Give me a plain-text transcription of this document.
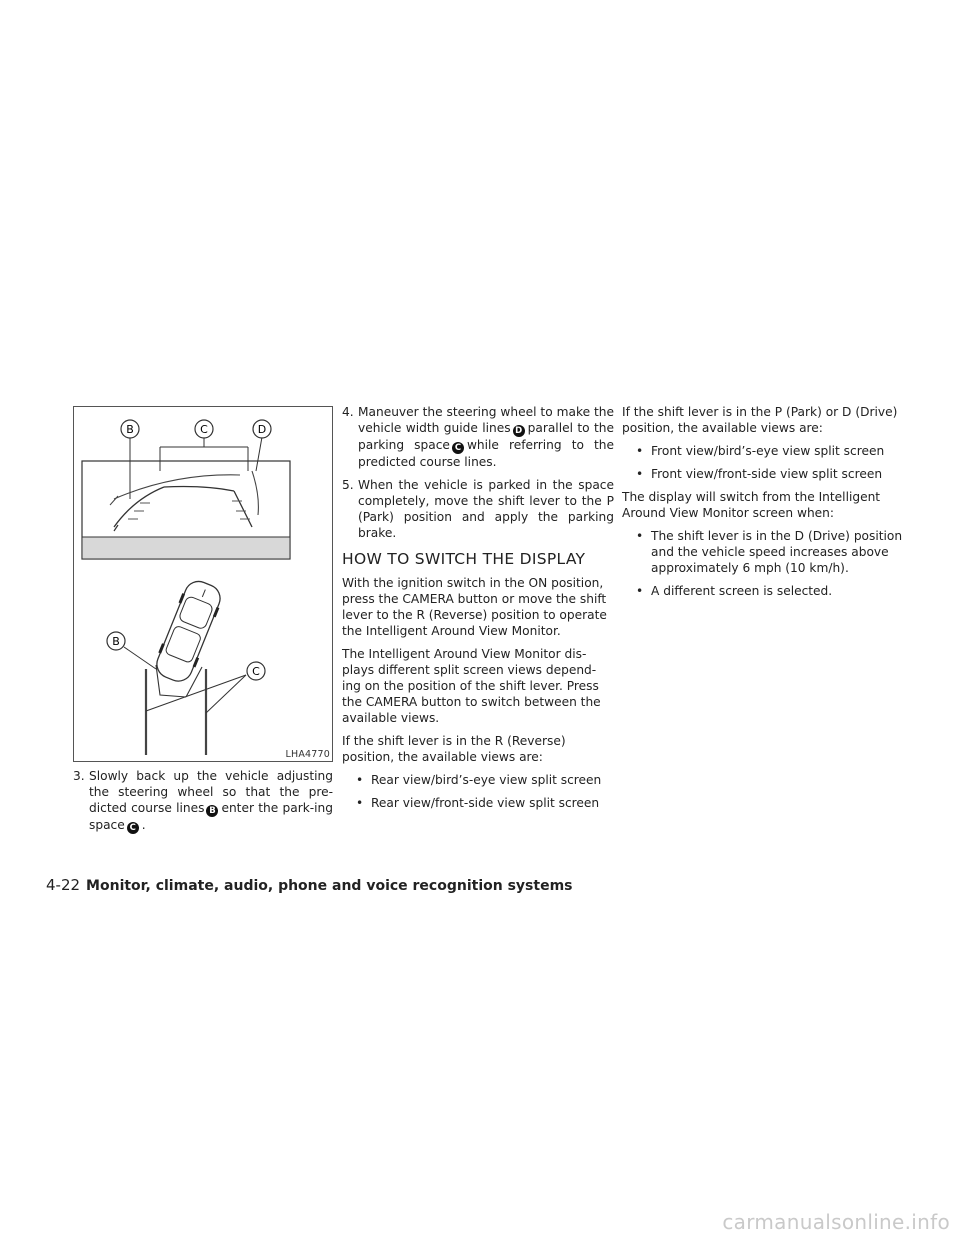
B	C	D
B
C
LHA4770
3. Slowly back up the vehicle adjusting the steering wheel so that the pre-dicted course lines B enter the park-ing space C .
4. Maneuver the steering wheel to make the vehicle width guide lines D parallel to the parking space C while referring to the predicted course lines.
5. When the vehicle is parked in the space completely, move the shift lever to the P (Park) position and apply the parking brake.
HOW TO SWITCH THE DISPLAY

With the ignition switch in the ON position, press the CAMERA button or move the shift lever to the R (Reverse) position to operate the Intelligent Around View Monitor.

The Intelligent Around View Monitor dis-plays different split screen views depend-ing on the position of the shift lever. Press the CAMERA button to switch between the available views.

If the shift lever is in the R (Reverse) position, the available views are:

• Rear view/bird’s-eye view split screen
• Rear view/front-side view split screen

If the shift lever is in the P (Park) or D (Drive) position, the available views are:

• Front view/bird’s-eye view split screen
• Front view/front-side view split screen

The display will switch from the Intelligent Around View Monitor screen when:

• The shift lever is in the D (Drive) position and the vehicle speed increases above approximately 6 mph (10 km/h).
• A different screen is selected.
4-22 Monitor, climate, audio, phone and voice recognition systems
carmanualsonline.info
